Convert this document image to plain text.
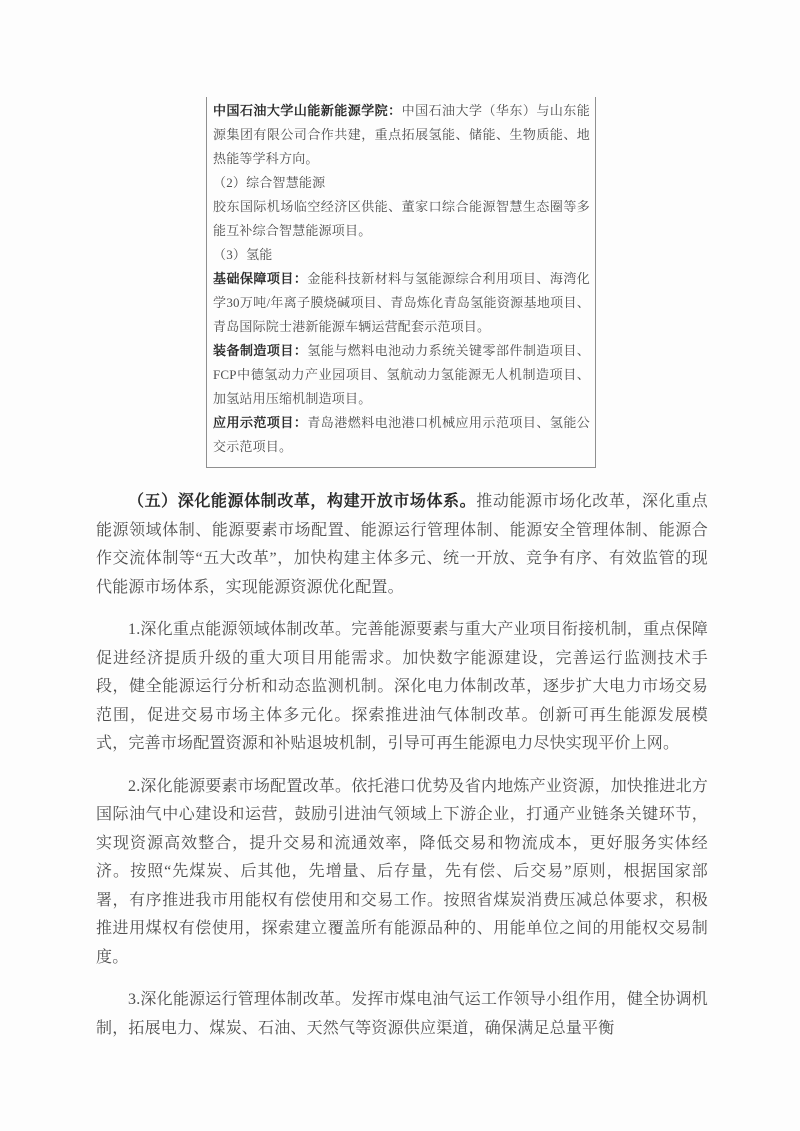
中国石油大学山能新能源学院：中国石油大学（华东）与山东能源集团有限公司合作共建，重点拓展氢能、储能、生物质能、地热能等学科方向。

（2）综合智慧能源

胶东国际机场临空经济区供能、董家口综合能源智慧生态圈等多能互补综合智慧能源项目。

（3）氢能

基础保障项目：金能科技新材料与氢能源综合利用项目、海湾化学30万吨/年离子膜烧碱项目、青岛炼化青岛氢能资源基地项目、青岛国际院士港新能源车辆运营配套示范项目。

装备制造项目：氢能与燃料电池动力系统关键零部件制造项目、FCP中德氢动力产业园项目、氢航动力氢能源无人机制造项目、加氢站用压缩机制造项目。

应用示范项目：青岛港燃料电池港口机械应用示范项目、氢能公交示范项目。

（五）深化能源体制改革，构建开放市场体系。推动能源市场化改革，深化重点能源领域体制、能源要素市场配置、能源运行管理体制、能源安全管理体制、能源合作交流体制等“五大改革”，加快构建主体多元、统一开放、竞争有序、有效监管的现代能源市场体系，实现能源资源优化配置。

1.深化重点能源领域体制改革。完善能源要素与重大产业项目衔接机制，重点保障促进经济提质升级的重大项目用能需求。加快数字能源建设，完善运行监测技术手段，健全能源运行分析和动态监测机制。深化电力体制改革，逐步扩大电力市场交易范围，促进交易市场主体多元化。探索推进油气体制改革。创新可再生能源发展模式，完善市场配置资源和补贴退坡机制，引导可再生能源电力尽快实现平价上网。

2.深化能源要素市场配置改革。依托港口优势及省内地炼产业资源，加快推进北方国际油气中心建设和运营，鼓励引进油气领域上下游企业，打通产业链条关键环节，实现资源高效整合，提升交易和流通效率，降低交易和物流成本，更好服务实体经济。按照“先煤炭、后其他，先增量、后存量，先有偿、后交易”原则，根据国家部署，有序推进我市用能权有偿使用和交易工作。按照省煤炭消费压减总体要求，积极推进用煤权有偿使用，探索建立覆盖所有能源品种的、用能单位之间的用能权交易制度。

3.深化能源运行管理体制改革。发挥市煤电油气运工作领导小组作用，健全协调机制，拓展电力、煤炭、石油、天然气等资源供应渠道，确保满足总量平衡
